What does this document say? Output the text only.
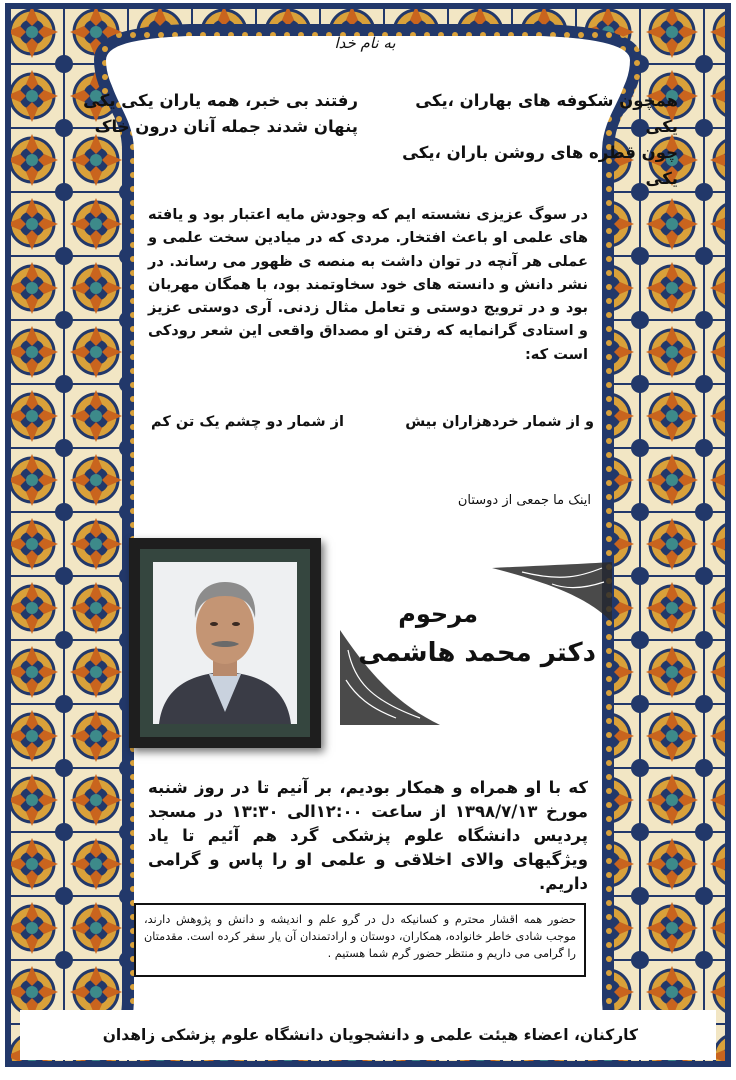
به نام خدا
همچون شکوفه های بهاران ،یکی یکی
چون قطره های روشن باران ،یکی یکی
رفتند بی خبر، همه یاران یکی یکی
پنهان شدند جمله آنان درون خاک
در سوگ عزیزی نشسته ایم که وجودش مایه اعتبار بود و یافته های علمی او باعث افتخار. مردی که در میادین سخت علمی و عملی هر آنچه در توان داشت به منصه ی ظهور می رساند. در نشر دانش و دانسته های خود سخاوتمند بود، با همگان مهربان بود و در ترویج دوستی و تعامل مثال زدنی. آری دوستی عزیز و استادی گرانمایه که رفتن او مصداق واقعی این شعر رودکی است که:
از شمار دو چشم یک تن کم	و از شمار خردهزاران بیش
اینک ما جمعی از دوستان
مرحوم
دکتر محمد هاشمی
که با او همراه و همکار بودیم، بر آنیم تا در روز شنبه مورخ ۱۳۹۸/۷/۱۳ از ساعت ۱۲:۰۰الی ۱۳:۳۰ در مسجد پردیس دانشگاه علوم پزشکی گرد هم آئیم تا یاد ویژگیهای والای اخلاقی و علمی او را پاس و گرامی داریم.
حضور همه اقشار محترم و کسانیکه دل در گرو علم و اندیشه و دانش و پژوهش دارند، موجب شادی خاطر خانواده، همکاران، دوستان و ارادتمندان آن یار سفر کرده است. مقدمتان را گرامی می داریم و منتظر حضور گرم شما هستیم .
کارکنان، اعضاء هیئت علمی و دانشجویان دانشگاه علوم پزشکی زاهدان
